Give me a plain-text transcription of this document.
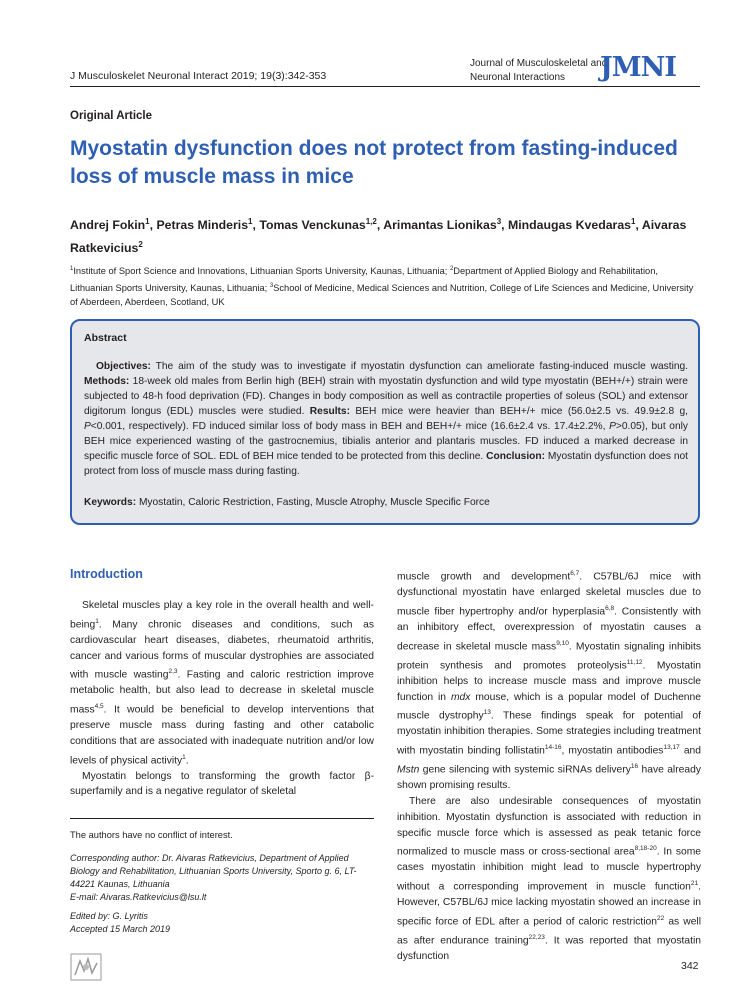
J Musculoskelet Neuronal Interact 2019; 19(3):342-353
Journal of Musculoskeletal and Neuronal Interactions	JMNI
Original Article
Myostatin dysfunction does not protect from fasting-induced loss of muscle mass in mice
Andrej Fokin$^1$, Petras Minderis$^1$, Tomas Venckunas$^{1,2}$, Arimantas Lionikas$^3$, Mindaugas Kvedaras$^1$, Aivaras Ratkevicius$^2$
$^1$Institute of Sport Science and Innovations, Lithuanian Sports University, Kaunas, Lithuania; $^2$Department of Applied Biology and Rehabilitation, Lithuanian Sports University, Kaunas, Lithuania; $^3$School of Medicine, Medical Sciences and Nutrition, College of Life Sciences and Medicine, University of Aberdeen, Aberdeen, Scotland, UK
Abstract
Objectives: The aim of the study was to investigate if myostatin dysfunction can ameliorate fasting-induced muscle wasting. Methods: 18-week old males from Berlin high (BEH) strain with myostatin dysfunction and wild type myostatin (BEH+/+) strain were subjected to 48-h food deprivation (FD). Changes in body composition as well as contractile properties of soleus (SOL) and extensor digitorum longus (EDL) muscles were studied. Results: BEH mice were heavier than BEH+/+ mice (56.0±2.5 vs. 49.9±2.8 g, P<0.001, respectively). FD induced similar loss of body mass in BEH and BEH+/+ mice (16.6±2.4 vs. 17.4±2.2%, P>0.05), but only BEH mice experienced wasting of the gastrocnemius, tibialis anterior and plantaris muscles. FD induced a marked decrease in specific muscle force of SOL. EDL of BEH mice tended to be protected from this decline. Conclusion: Myostatin dysfunction does not protect from loss of muscle mass during fasting.
Keywords: Myostatin, Caloric Restriction, Fasting, Muscle Atrophy, Muscle Specific Force
Introduction

Skeletal muscles play a key role in the overall health and well-being$^1$. Many chronic diseases and conditions, such as cardiovascular heart diseases, diabetes, rheumatoid arthritis, cancer and various forms of muscular dystrophies are associated with muscle wasting$^{2,3}$. Fasting and caloric restriction improve metabolic health, but also lead to decrease in skeletal muscle mass$^{4,5}$. It would be beneficial to develop interventions that preserve muscle mass during fasting and other catabolic conditions that are associated with inadequate nutrition and/or low levels of physical activity$^1$.

Myostatin belongs to transforming the growth factor β-superfamily and is a negative regulator of skeletal

muscle growth and development$^{6,7}$. C57BL/6J mice with dysfunctional myostatin have enlarged skeletal muscles due to muscle fiber hypertrophy and/or hyperplasia$^{6,8}$. Consistently with an inhibitory effect, overexpression of myostatin causes a decrease in skeletal muscle mass$^{9,10}$. Myostatin signaling inhibits protein synthesis and promotes proteolysis$^{11,12}$. Myostatin inhibition helps to increase muscle mass and improve muscle function in mdx mouse, which is a popular model of Duchenne muscle dystrophy$^{13}$. These findings speak for potential of myostatin inhibition therapies. Some strategies including treatment with myostatin binding follistatin$^{14-16}$, myostatin antibodies$^{13,17}$ and Mstn gene silencing with systemic siRNAs delivery$^{16}$ have already shown promising results.

There are also undesirable consequences of myostatin inhibition. Myostatin dysfunction is associated with reduction in specific muscle force which is assessed as peak tetanic force normalized to muscle mass or cross-sectional area$^{8,18-20}$. In some cases myostatin inhibition might lead to muscle hypertrophy without a corresponding improvement in muscle function$^{21}$. However, C57BL/6J mice lacking myostatin showed an increase in specific force of EDL after a period of caloric restriction$^{22}$ as well as after endurance training$^{22,23}$. It was reported that myostatin dysfunction

The authors have no conflict of interest.
Corresponding author: Dr. Aivaras Ratkevicius, Department of Applied Biology and Rehabilitation, Lithuanian Sports University, Sporto g. 6, LT-44221 Kaunas, Lithuania
E-mail: Aivaras.Ratkevicius@lsu.lt
Edited by: G. Lyritis
Accepted 15 March 2019
342
